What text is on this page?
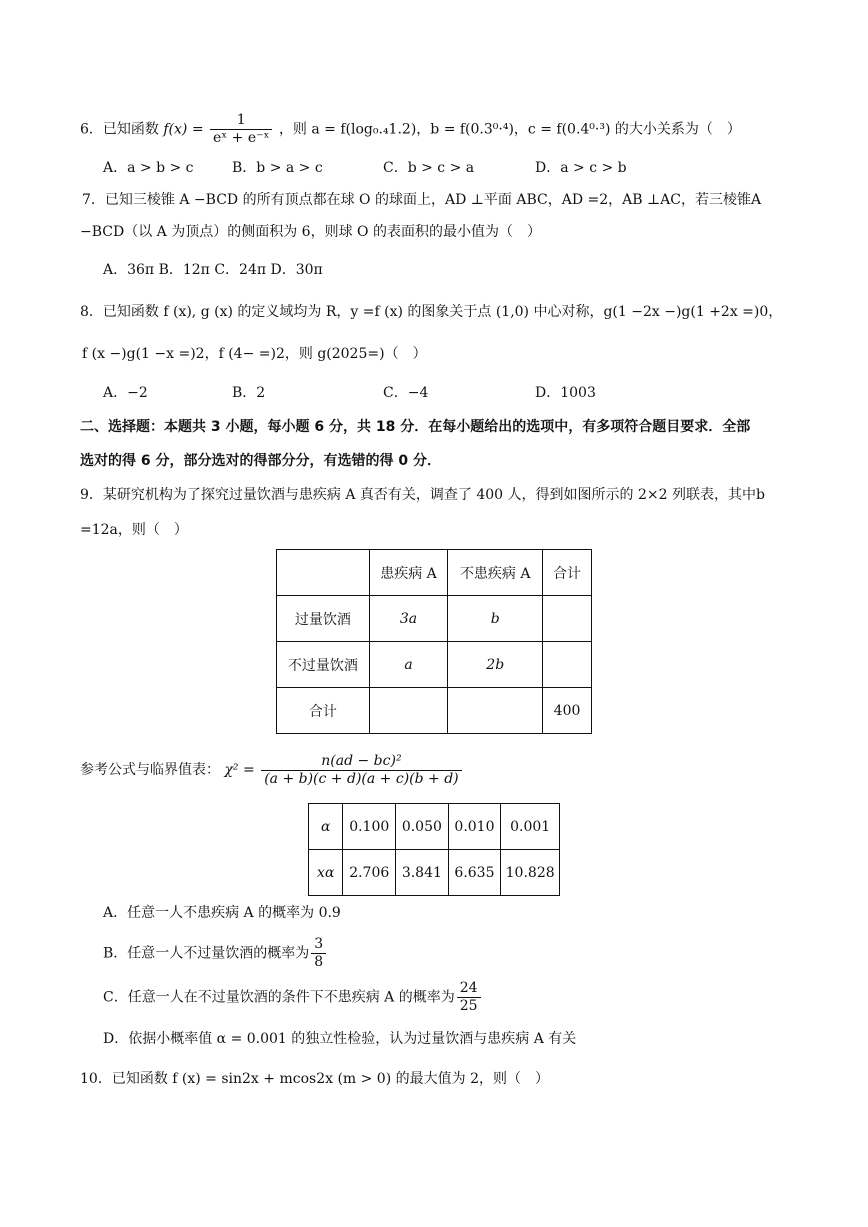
6．已知函数 $f(x) = \frac{1}{\text{eˣ + e⁻ˣ}}$ ，则 a = f(log₀.₄1.2)，b = f(0.3⁰·⁴)，c = f(0.4⁰·³) 的大小关系为（　）
A．a > b > c	B．b > a > c	C．b > c > a	D．a > c > b
7．已知三棱锥 A −BCD 的所有顶点都在球 O 的球面上，AD ⊥平面 ABC，AD =2，AB ⊥AC，若三棱锥A
−BCD（以 A 为顶点）的侧面积为 6，则球 O 的表面积的最小值为（　）
A．36π B．12π C．24π D．30π
8．已知函数 f (x), g (x) 的定义域均为 R，y =f (x) 的图象关于点 (1,0) 中心对称，g(1 −2x −)g(1 +2x =)0，
f (x −)g(1 −x =)2，f (4− =)2，则 g(2025=)（　）
A．−2	B．2	C．−4	D．1003
二、选择题：本题共 3 小题，每小题 6 分，共 18 分．在每小题给出的选项中，有多项符合题目要求．全部
选对的得 6 分，部分选对的得部分分，有选错的得 0 分．
9．某研究机构为了探究过量饮酒与患疾病 A 真否有关，调查了 400 人，得到如图所示的 2×2 列联表，其中b
=12a，则（　）
	患疾病 A	不患疾病 A	合计
过量饮酒	3a	b	
不过量饮酒	a	2b	
合计			400
参考公式与临界值表： $\chi^2 = \frac{\text{n(ad − bc)²}}{(a + b)(c + d)(a + c)(b + d)}$
α	0.100	0.050	0.010	0.001
xα	2.706	3.841	6.635	10.828
A．任意一人不患疾病 A 的概率为 0.9
B．任意一人不过量饮酒的概率为 $\frac{3}{8}$
C．任意一人在不过量饮酒的条件下不患疾病 A 的概率为 $\frac{24}{25}$
D．依据小概率值 α = 0.001 的独立性检验，认为过量饮酒与患疾病 A 有关
10．已知函数 f (x) = sin2x + mcos2x (m > 0) 的最大值为 2，则（　）
